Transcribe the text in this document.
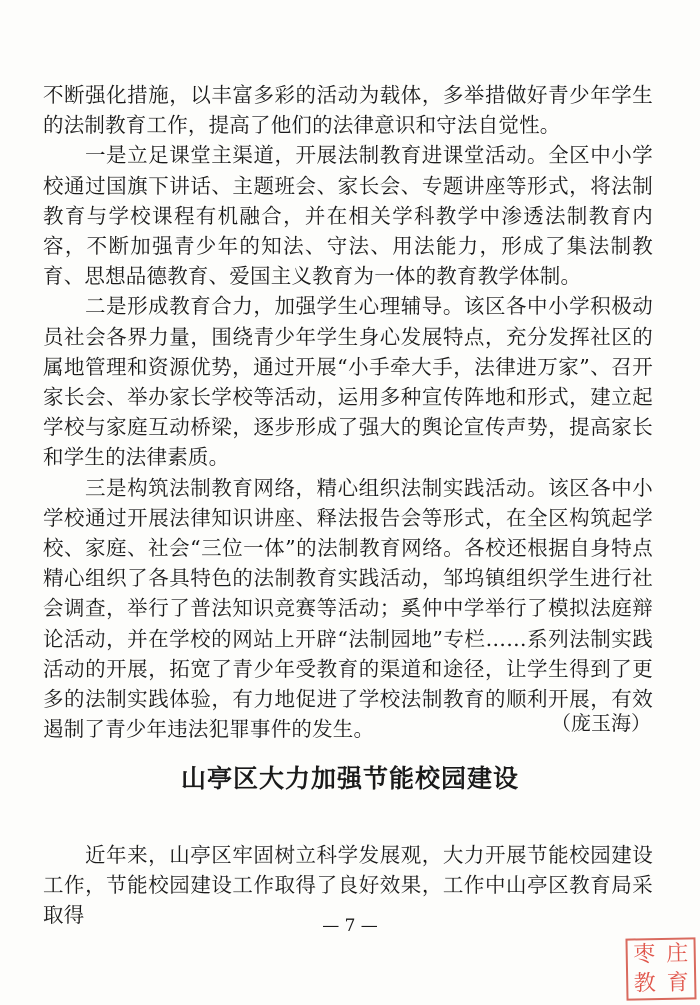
不断强化措施，以丰富多彩的活动为载体，多举措做好青少年学生的法制教育工作，提高了他们的法律意识和守法自觉性。

一是立足课堂主渠道，开展法制教育进课堂活动。全区中小学校通过国旗下讲话、主题班会、家长会、专题讲座等形式，将法制教育与学校课程有机融合，并在相关学科教学中渗透法制教育内容，不断加强青少年的知法、守法、用法能力，形成了集法制教育、思想品德教育、爱国主义教育为一体的教育教学体制。

二是形成教育合力，加强学生心理辅导。该区各中小学积极动员社会各界力量，围绕青少年学生身心发展特点，充分发挥社区的属地管理和资源优势，通过开展“小手牵大手，法律进万家”、召开家长会、举办家长学校等活动，运用多种宣传阵地和形式，建立起学校与家庭互动桥梁，逐步形成了强大的舆论宣传声势，提高家长和学生的法律素质。

三是构筑法制教育网络，精心组织法制实践活动。该区各中小学校通过开展法律知识讲座、释法报告会等形式，在全区构筑起学校、家庭、社会“三位一体”的法制教育网络。各校还根据自身特点精心组织了各具特色的法制教育实践活动，邹坞镇组织学生进行社会调查，举行了普法知识竞赛等活动；奚仲中学举行了模拟法庭辩论活动，并在学校的网站上开辟“法制园地”专栏……系列法制实践活动的开展，拓宽了青少年受教育的渠道和途径，让学生得到了更多的法制实践体验，有力地促进了学校法制教育的顺利开展，有效遏制了青少年违法犯罪事件的发生。	（庞玉海）

山亭区大力加强节能校园建设

近年来，山亭区牢固树立科学发展观，大力开展节能校园建设工作，节能校园建设工作取得了良好效果，工作中山亭区教育局采取得	— 7 —

枣 庄
教 育
